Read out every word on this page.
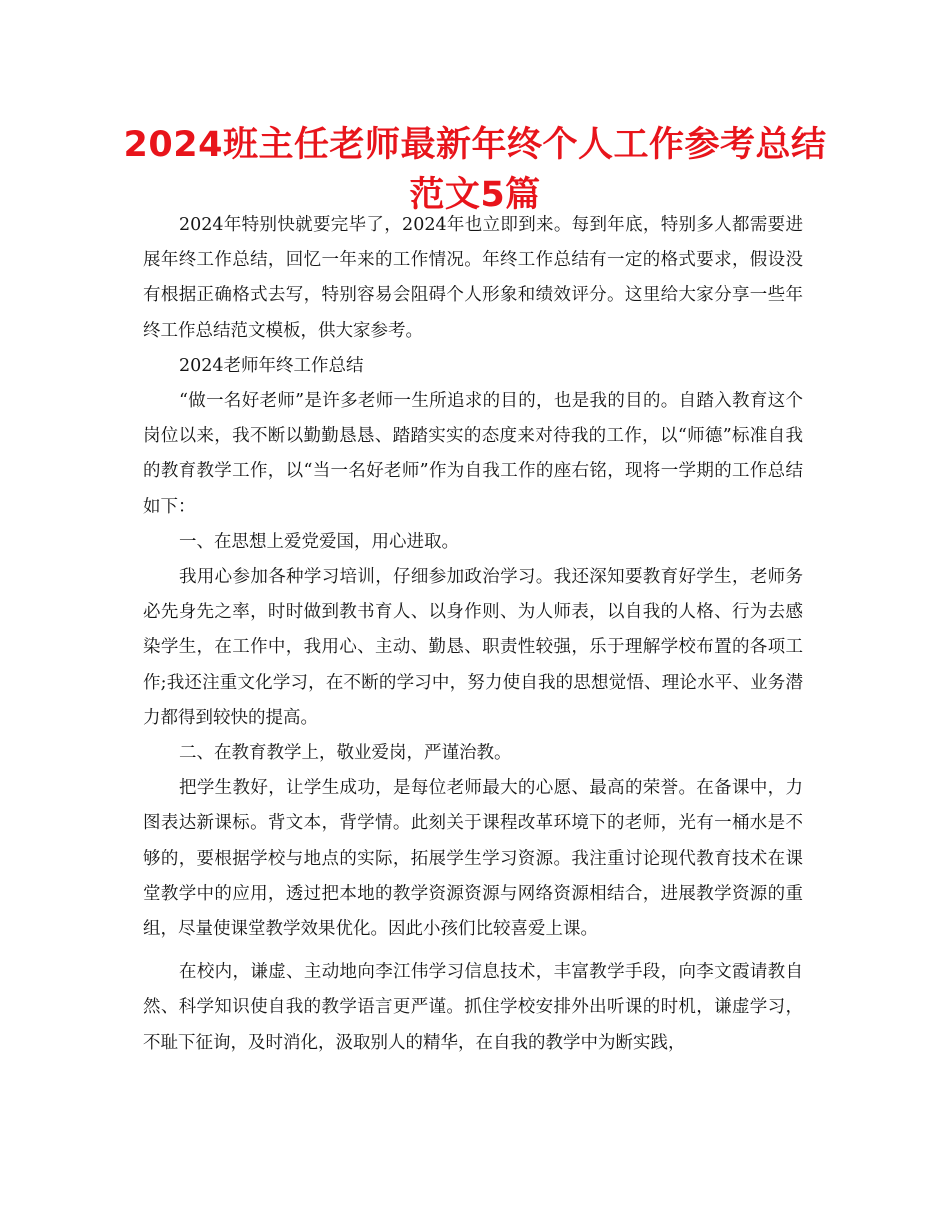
2024班主任老师最新年终个人工作参考总结范文5篇

2024年特别快就要完毕了，2024年也立即到来。每到年底，特别多人都需要进展年终工作总结，回忆一年来的工作情况。年终工作总结有一定的格式要求，假设没有根据正确格式去写，特别容易会阻碍个人形象和绩效评分。这里给大家分享一些年终工作总结范文模板，供大家参考。

2024老师年终工作总结

“做一名好老师”是许多老师一生所追求的目的，也是我的目的。自踏入教育这个岗位以来，我不断以勤勤恳恳、踏踏实实的态度来对待我的工作，以“师德”标准自我的教育教学工作，以“当一名好老师”作为自我工作的座右铭，现将一学期的工作总结如下：

一、在思想上爱党爱国，用心进取。

我用心参加各种学习培训，仔细参加政治学习。我还深知要教育好学生，老师务必先身先之率，时时做到教书育人、以身作则、为人师表，以自我的人格、行为去感染学生，在工作中，我用心、主动、勤恳、职责性较强，乐于理解学校布置的各项工作;我还注重文化学习，在不断的学习中，努力使自我的思想觉悟、理论水平、业务潜力都得到较快的提高。

二、在教育教学上，敬业爱岗，严谨治教。

把学生教好，让学生成功，是每位老师最大的心愿、最高的荣誉。在备课中，力图表达新课标。背文本，背学情。此刻关于课程改革环境下的老师，光有一桶水是不够的，要根据学校与地点的实际，拓展学生学习资源。我注重讨论现代教育技术在课堂教学中的应用，透过把本地的教学资源资源与网络资源相结合，进展教学资源的重组，尽量使课堂教学效果优化。因此小孩们比较喜爱上课。

在校内，谦虚、主动地向李江伟学习信息技术，丰富教学手段，向李文霞请教自然、科学知识使自我的教学语言更严谨。抓住学校安排外出听课的时机，谦虚学习，不耻下征询，及时消化，汲取别人的精华，在自我的教学中为断实践，
